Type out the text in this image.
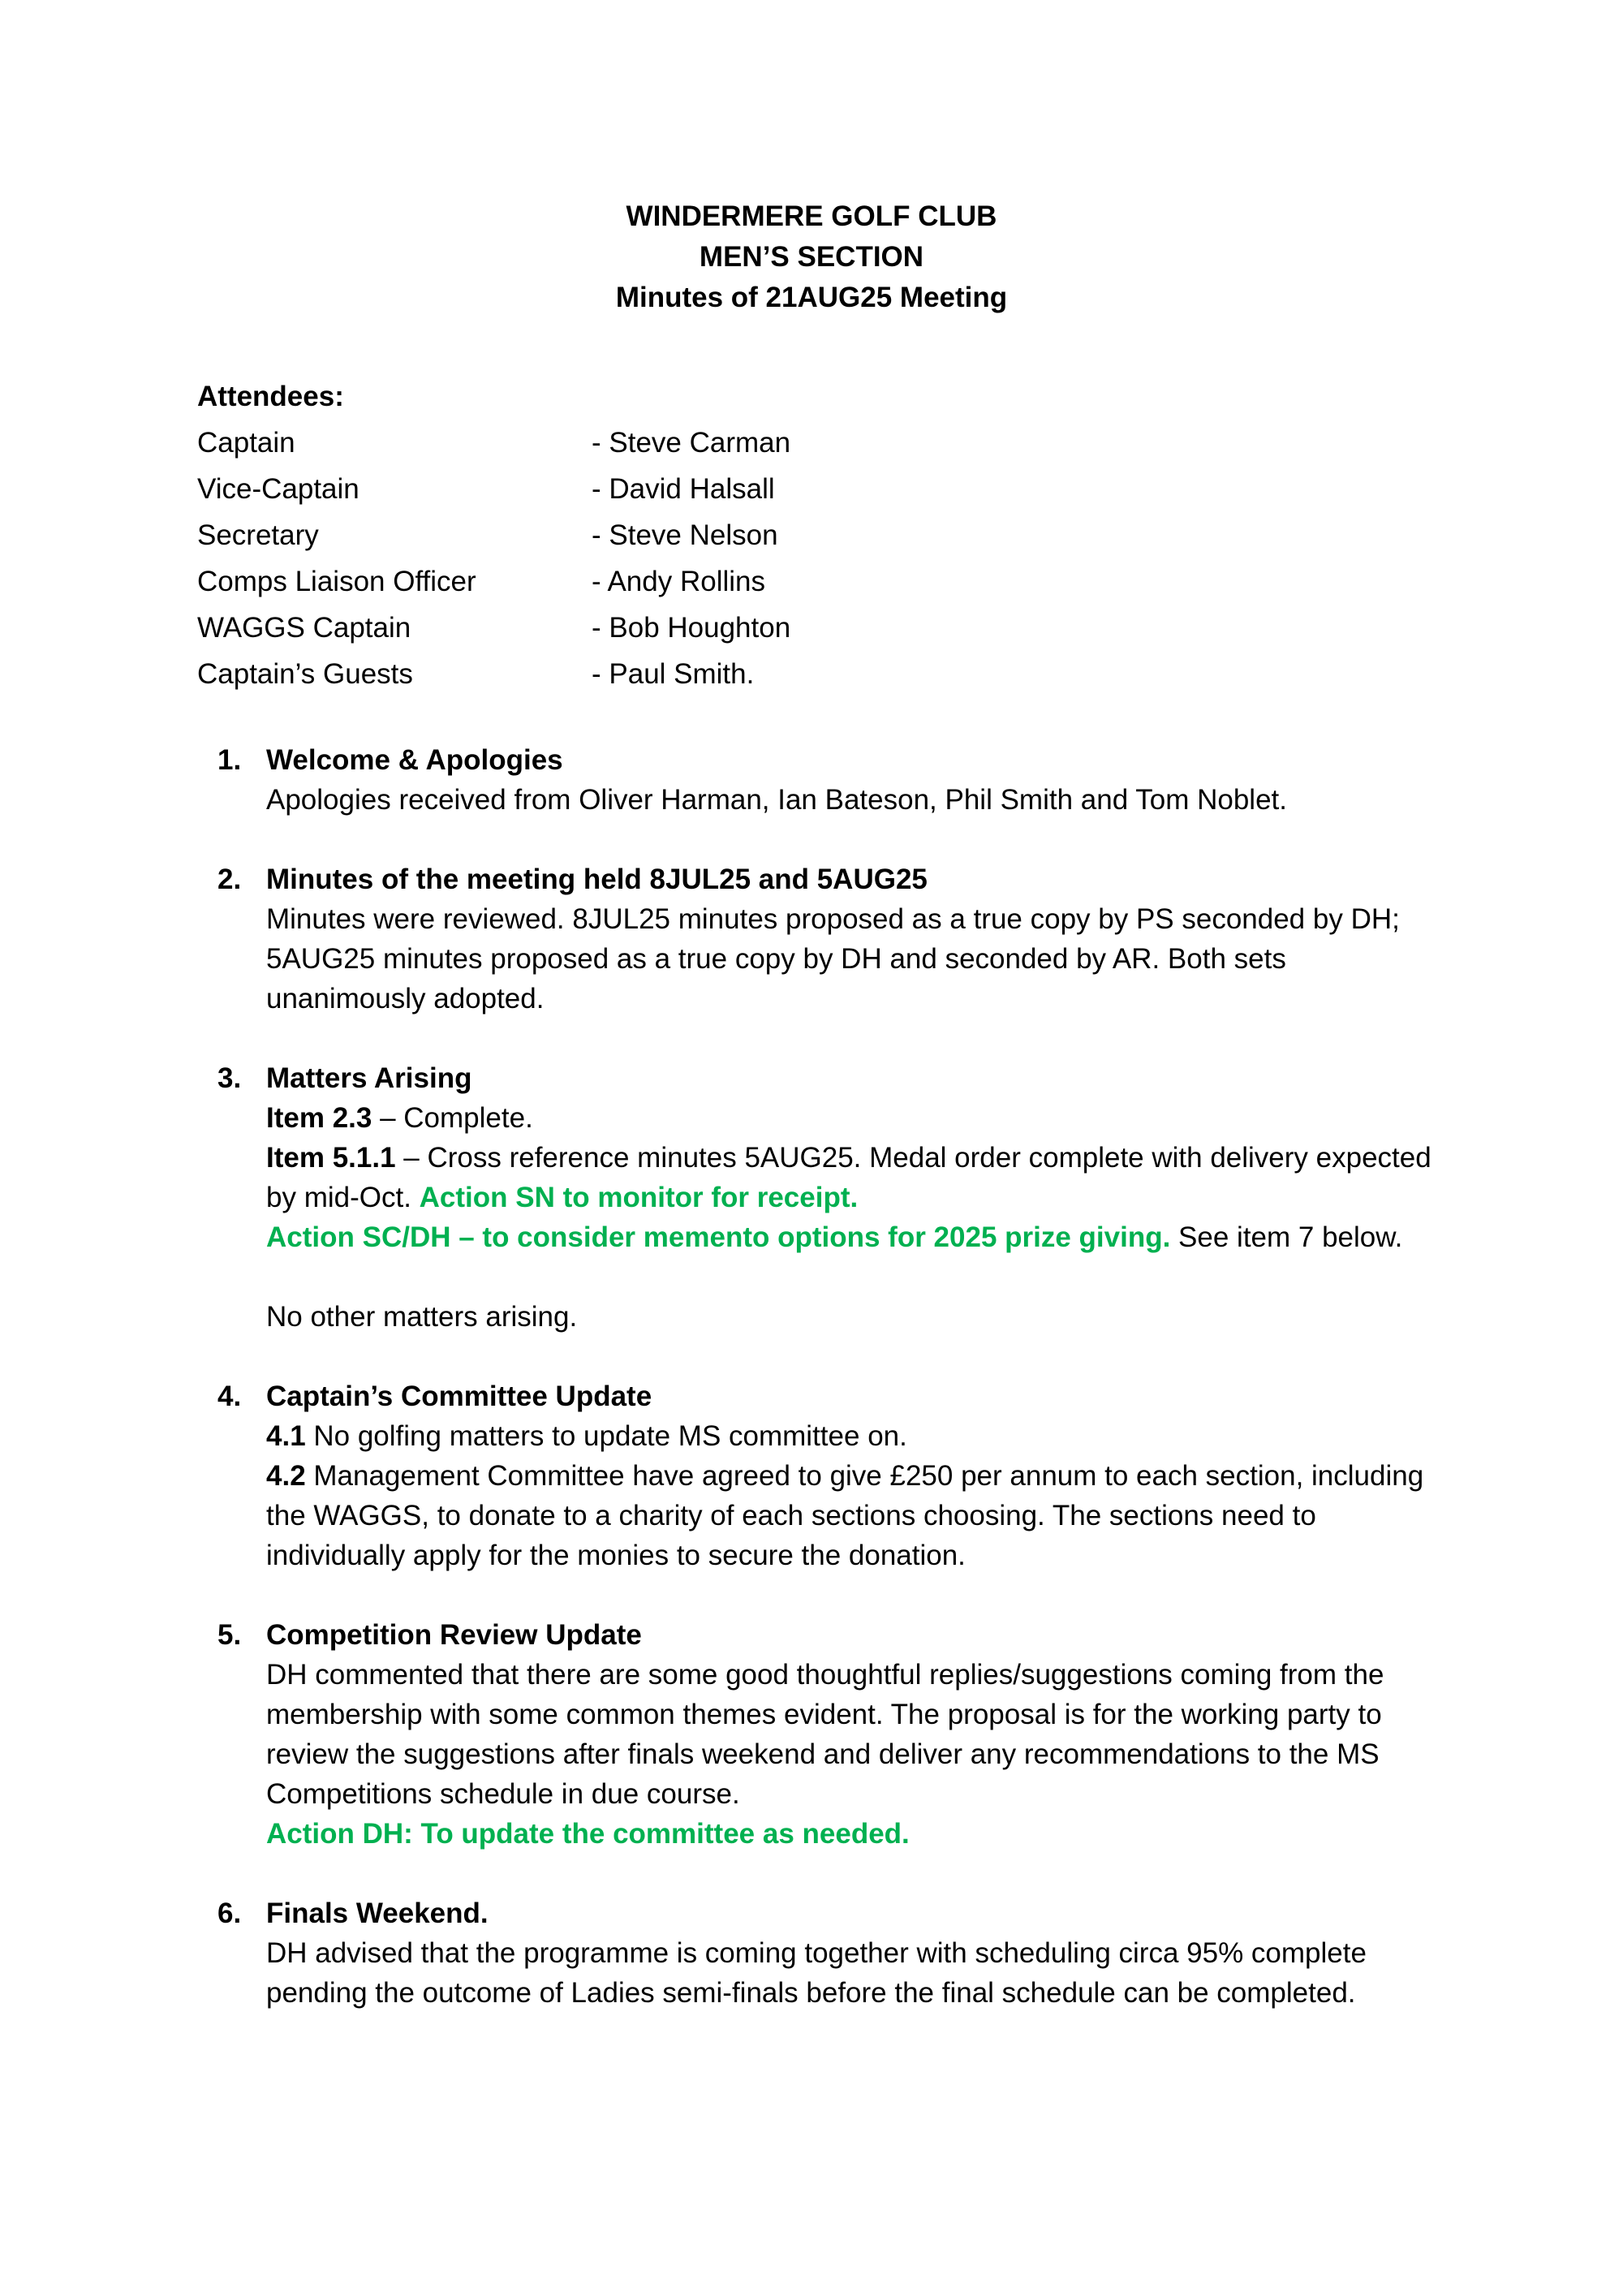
WINDERMERE GOLF CLUB
MEN’S SECTION
Minutes of 21AUG25 Meeting
Attendees:
Captain	- Steve Carman
Vice-Captain	- David Halsall
Secretary	- Steve Nelson
Comps Liaison Officer	- Andy Rollins
WAGGS Captain	- Bob Houghton
Captain’s Guests	- Paul Smith.
1. Welcome & Apologies

Apologies received from Oliver Harman, Ian Bateson, Phil Smith and Tom Noblet.

2. Minutes of the meeting held 8JUL25 and 5AUG25

Minutes were reviewed. 8JUL25 minutes proposed as a true copy by PS seconded by DH; 5AUG25 minutes proposed as a true copy by DH and seconded by AR. Both sets unanimously adopted.

3. Matters Arising

Item 2.3 – Complete.

Item 5.1.1 – Cross reference minutes 5AUG25. Medal order complete with delivery expected by mid-Oct. Action SN to monitor for receipt.

Action SC/DH – to consider memento options for 2025 prize giving. See item 7 below.

No other matters arising.

4. Captain’s Committee Update

4.1 No golfing matters to update MS committee on.

4.2 Management Committee have agreed to give £250 per annum to each section, including the WAGGS, to donate to a charity of each sections choosing. The sections need to individually apply for the monies to secure the donation.

5. Competition Review Update

DH commented that there are some good thoughtful replies/suggestions coming from the membership with some common themes evident. The proposal is for the working party to review the suggestions after finals weekend and deliver any recommendations to the MS Competitions schedule in due course.

Action DH: To update the committee as needed.

6. Finals Weekend.

DH advised that the programme is coming together with scheduling circa 95% complete pending the outcome of Ladies semi-finals before the final schedule can be completed.
